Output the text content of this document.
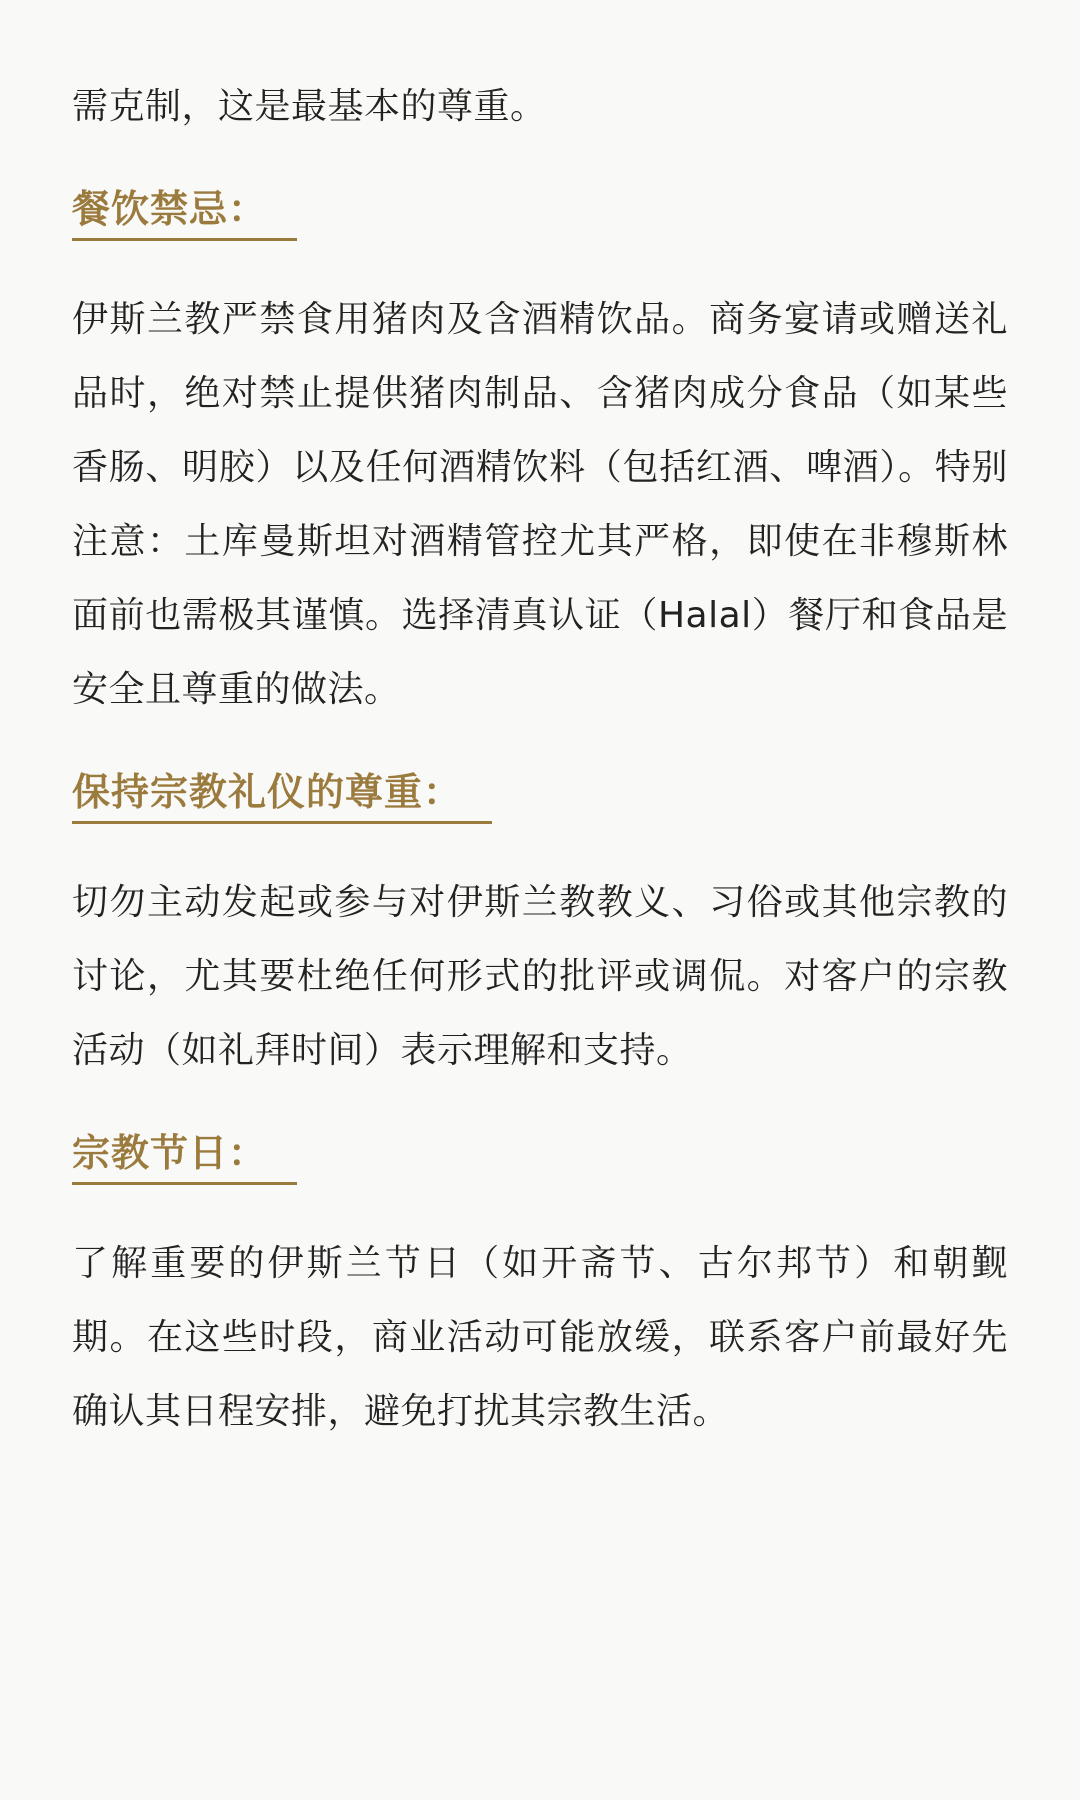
需克制，这是最基本的尊重。

餐饮禁忌：

伊斯兰教严禁食用猪肉及含酒精饮品。商务宴请或赠送礼品时，绝对禁止提供猪肉制品、含猪肉成分食品（如某些香肠、明胶）以及任何酒精饮料（包括红酒、啤酒）。特别注意：土库曼斯坦对酒精管控尤其严格，即使在非穆斯林面前也需极其谨慎。选择清真认证（Halal）餐厅和食品是安全且尊重的做法。

保持宗教礼仪的尊重：

切勿主动发起或参与对伊斯兰教教义、习俗或其他宗教的讨论，尤其要杜绝任何形式的批评或调侃。对客户的宗教活动（如礼拜时间）表示理解和支持。

宗教节日：

了解重要的伊斯兰节日（如开斋节、古尔邦节）和朝觐期。在这些时段，商业活动可能放缓，联系客户前最好先确认其日程安排，避免打扰其宗教生活。
